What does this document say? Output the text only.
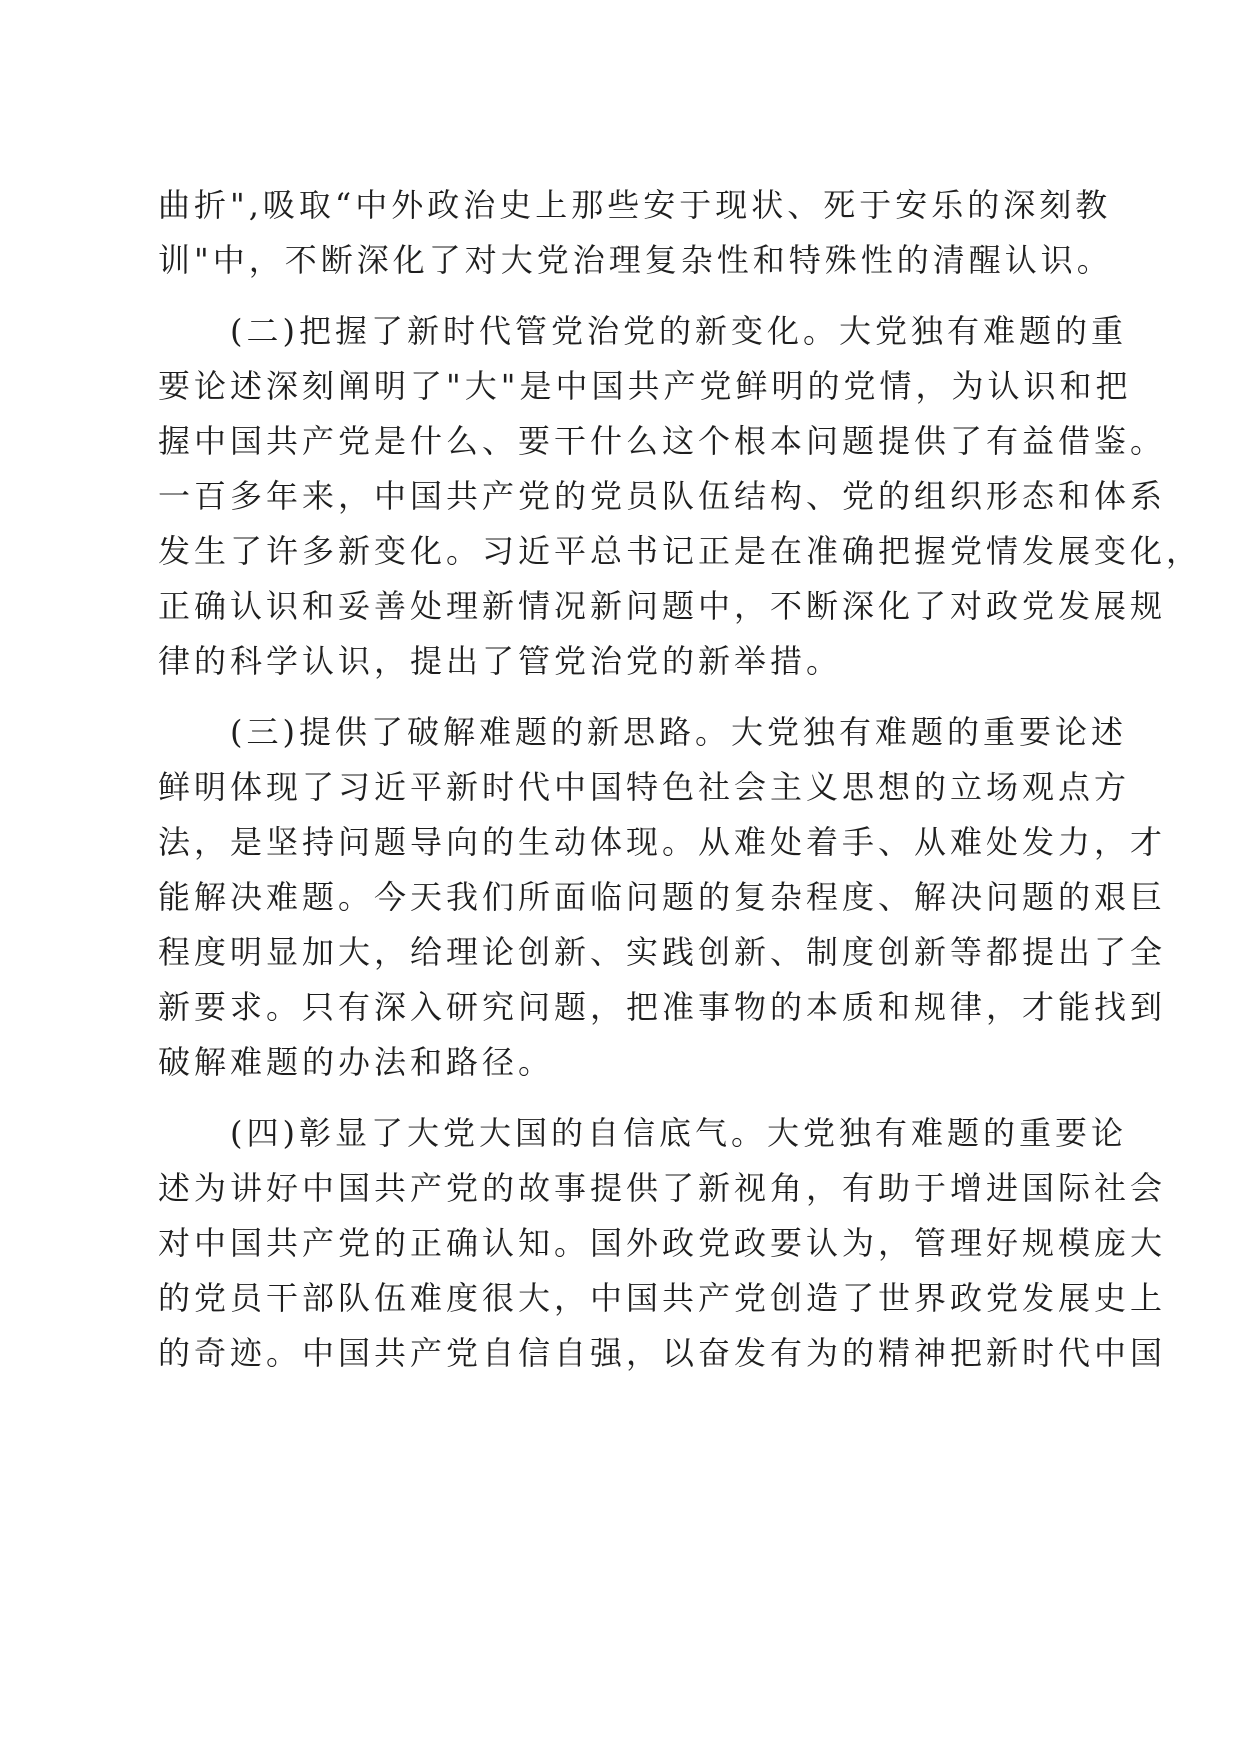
曲折",吸取“中外政治史上那些安于现状、死于安乐的深刻教
训"中，不断深化了对大党治理复杂性和特殊性的清醒认识。
(二)把握了新时代管党治党的新变化。大党独有难题的重
要论述深刻阐明了"大"是中国共产党鲜明的党情，为认识和把
握中国共产党是什么、要干什么这个根本问题提供了有益借鉴。
一百多年来，中国共产党的党员队伍结构、党的组织形态和体系
发生了许多新变化。习近平总书记正是在准确把握党情发展变化，
正确认识和妥善处理新情况新问题中，不断深化了对政党发展规
律的科学认识，提出了管党治党的新举措。
(三)提供了破解难题的新思路。大党独有难题的重要论述
鲜明体现了习近平新时代中国特色社会主义思想的立场观点方
法，是坚持问题导向的生动体现。从难处着手、从难处发力，才
能解决难题。今天我们所面临问题的复杂程度、解决问题的艰巨
程度明显加大，给理论创新、实践创新、制度创新等都提出了全
新要求。只有深入研究问题，把准事物的本质和规律，才能找到
破解难题的办法和路径。
(四)彰显了大党大国的自信底气。大党独有难题的重要论
述为讲好中国共产党的故事提供了新视角，有助于增进国际社会
对中国共产党的正确认知。国外政党政要认为，管理好规模庞大
的党员干部队伍难度很大，中国共产党创造了世界政党发展史上
的奇迹。中国共产党自信自强，以奋发有为的精神把新时代中国
